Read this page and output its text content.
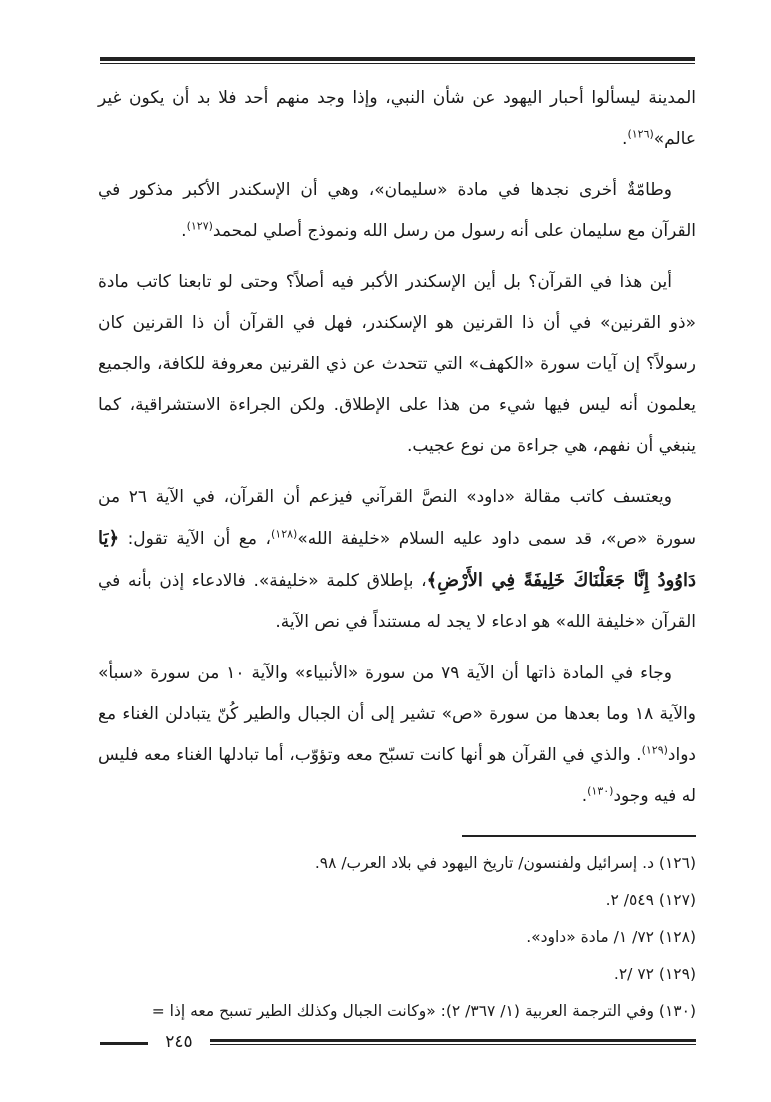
المدينة ليسألوا أحبار اليهود عن شأن النبي، وإذا وجد منهم أحد فلا بد أن يكون غير عالم»$^{(١٢٦)}$.

وطامّةٌ أخرى نجدها في مادة «سليمان»، وهي أن الإسكندر الأكبر مذكور في القرآن مع سليمان على أنه رسول من رسل الله ونموذج أصلي لمحمد$^{(١٢٧)}$.

أين هذا في القرآن؟ بل أين الإسكندر الأكبر فيه أصلاً؟ وحتى لو تابعنا كاتب مادة «ذو القرنين» في أن ذا القرنين هو الإسكندر، فهل في القرآن أن ذا القرنين كان رسولاً؟ إن آيات سورة «الكهف» التي تتحدث عن ذي القرنين معروفة للكافة، والجميع يعلمون أنه ليس فيها شيء من هذا على الإطلاق. ولكن الجراءة الاستشراقية، كما ينبغي أن نفهم، هي جراءة من نوع عجيب.

ويعتسف كاتب مقالة «داود» النصَّ القرآني فيزعم أن القرآن، في الآية ٢٦ من سورة «ص»، قد سمى داود عليه السلام «خليفة الله»$^{(١٢٨)}$، مع أن الآية تقول: ﴿يَا دَاوُودُ إِنَّا جَعَلْنَاكَ خَلِيفَةً فِي الأَرْضِ﴾، بإطلاق كلمة «خليفة». فالادعاء إذن بأنه في القرآن «خليفة الله» هو ادعاء لا يجد له مستنداً في نص الآية.

وجاء في المادة ذاتها أن الآية ٧٩ من سورة «الأنبياء» والآية ١٠ من سورة «سبأ» والآية ١٨ وما بعدها من سورة «ص» تشير إلى أن الجبال والطير كُنّ يتبادلن الغناء مع دواد$^{(١٢٩)}$. والذي في القرآن هو أنها كانت تسبّح معه وتؤوّب، أما تبادلها الغناء معه فليس له فيه وجود$^{(١٣٠)}$.

(١٢٦) د. إسرائيل ولفنسون/ تاريخ اليهود في بلاد العرب/ ٩٨.
(١٢٧) ٥٤٩/ ٢.
(١٢٨) ٧٢/ ١/ مادة «داود».
(١٢٩) ٧٢ /٢.
(١٣٠) وفي الترجمة العربية (١/ ٣٦٧/ ٢): «وكانت الجبال وكذلك الطير تسبح معه إذا =
٢٤٥
